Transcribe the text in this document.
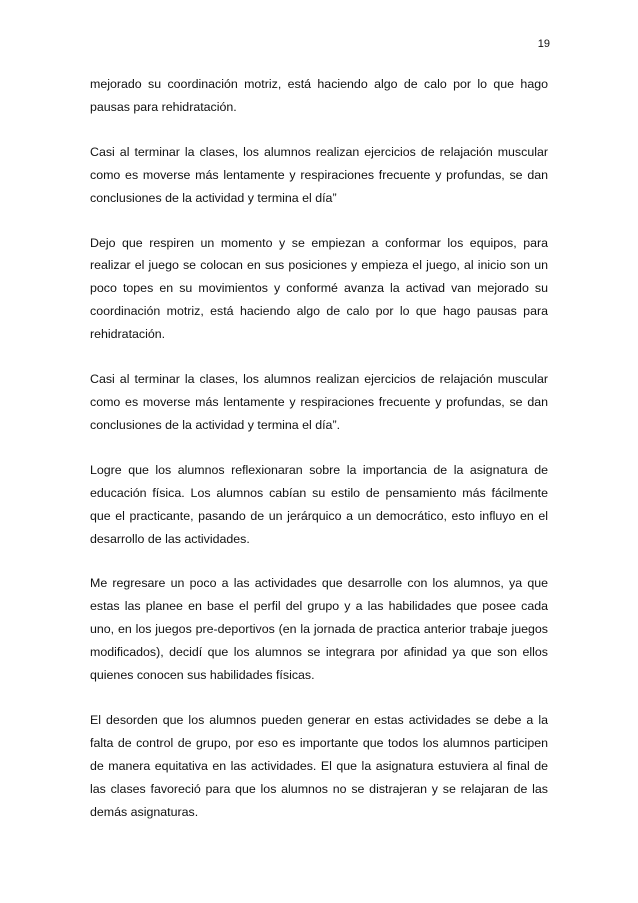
19

mejorado su coordinación motriz, está haciendo algo de calo por lo que hago pausas para rehidratación.

Casi al terminar la clases, los alumnos realizan ejercicios de relajación muscular como es moverse más lentamente y respiraciones frecuente y profundas, se dan conclusiones de la actividad y termina el día”

Dejo que respiren un momento y se empiezan a conformar los equipos, para realizar el juego se colocan en sus posiciones y empieza el juego, al inicio son un poco topes en su movimientos y conformé avanza la activad van mejorado su coordinación motriz, está haciendo algo de calo por lo que hago pausas para rehidratación.

Casi al terminar la clases, los alumnos realizan ejercicios de relajación muscular como es moverse más lentamente y respiraciones frecuente y profundas, se dan conclusiones de la actividad y termina el día”.

Logre que los alumnos reflexionaran sobre la importancia de la asignatura de educación física. Los alumnos cabían su estilo de pensamiento más fácilmente que el practicante, pasando de un jerárquico a un democrático, esto influyo en el desarrollo de las actividades.

Me regresare un poco a las actividades que desarrolle con los alumnos, ya que estas las planee en base el perfil del grupo y a las habilidades que posee cada uno, en los juegos pre-deportivos (en la jornada de practica anterior trabaje juegos modificados), decidí que los alumnos se integrara por afinidad ya que son ellos quienes conocen sus habilidades físicas.

El desorden que los alumnos pueden generar en estas actividades se debe a la falta de control de grupo, por eso es importante que todos los alumnos participen de manera equitativa en las actividades. El que la asignatura estuviera al final de las clases favoreció para que los alumnos no se distrajeran y se relajaran de las demás asignaturas.
